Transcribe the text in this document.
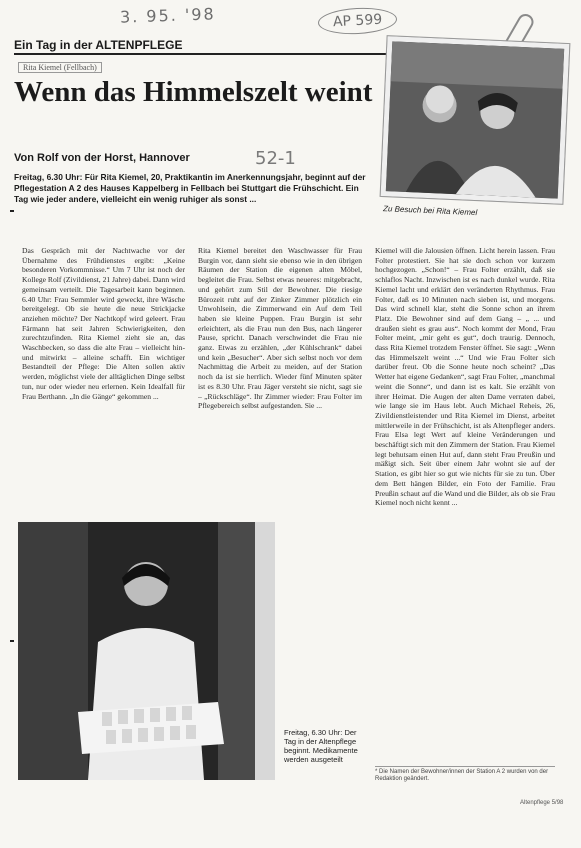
3. 95. '98	AP 599
52-1
Ein Tag in der ALTENPFLEGE
Rita Kiemel (Fellbach)
Wenn das Himmelszelt weint
Von Rolf von der Horst, Hannover
Freitag, 6.30 Uhr: Für Rita Kiemel, 20, Praktikantin im Anerkennungsjahr, beginnt auf der Pflegestation A 2 des Hauses Kappelberg in Fellbach bei Stuttgart die Frühschicht. Ein Tag wie jeder andere, vielleicht ein wenig ruhiger als sonst ...
Zu Besuch bei Rita Kiemel
Das Gespräch mit der Nachtwache vor der Übernahme des Frühdienstes ergibt: „Keine besonderen Vorkommnisse.“ Um 7 Uhr ist noch der Kollege Rolf (Zivildienst, 21 Jahre) dabei. Dann wird gemeinsam verteilt. Die Tagesarbeit kann beginnen. 6.40 Uhr: Frau Semmler wird geweckt, ihre Wäsche bereitgelegt. Ob sie heute die neue Strickjacke anziehen möchte? Der Nachtkopf wird geleert. Frau Färmann hat seit Jahren Schwierigkeiten, den zurechtzufinden. Rita Kiemel zieht sie an, das Waschbecken, so dass die alte Frau – vielleicht hin- und mitwirkt – alleine schafft. Ein wichtiger Bestandteil der Pflege: Die Alten sollen aktiv werden, möglichst viele der alltäglichen Dinge selbst tun, nur oder wieder neu erlernen. Kein Idealfall für Frau Berthann. „In die Gänge“ gekommen ...
Rita Kiemel bereitet den Waschwasser für Frau Burgin vor, dann sieht sie ebenso wie in den übrigen Räumen der Station die eigenen alten Möbel, begleitet die Frau. Selbst etwas neueres: mitgebracht, und gehört zum Stil der Bewohner. Die riesige Bürozeit ruht auf der Zinker Zimmer plötzlich ein Unwohlsein, die Zimmerwand ein Auf dem Teil haben sie kleine Puppen. Frau Burgin ist sehr erleichtert, als die Frau nun den Bus, nach längerer Pause, spricht. Danach verschwindet die Frau nie ganz. Etwas zu erzählen, „der Kühlschrank“ dabei und kein „Besucher“. Aber sich selbst noch vor dem Nachmittag die Arbeit zu meiden, auf der Station noch da ist sie herrlich. Wieder fünf Minuten später ist es 8.30 Uhr. Frau Jäger versteht sie nicht, sagt sie – „Rückschläge“. Ihr Zimmer wieder: Frau Folter im Pflegebereich selbst aufgestanden. Sie ...
Kiemel will die Jalousien öffnen. Licht herein lassen. Frau Folter protestiert. Sie hat sie doch schon vor kurzem hochgezogen. „Schon!“ – Frau Folter erzählt, daß sie schlaflos Nacht. Inzwischen ist es nach dunkel wurde. Rita Kiemel lacht und erklärt den veränderten Rhythmus. Frau Folter, daß es 10 Minuten nach sieben ist, und morgens. Das wird schnell klar, steht die Sonne schon an ihrem Platz. Die Bewohner sind auf dem Gang – „ ... und draußen sieht es grau aus“. Noch kommt der Mond, Frau Folter meint, „mir geht es gut“, doch traurig. Dennoch, dass Rita Kiemel trotzdem Fenster öffnet. Sie sagt: „Wenn das Himmelszelt weint ...“ Und wie Frau Folter sich darüber freut. Ob die Sonne heute noch scheint? „Das Wetter hat eigene Gedanken“, sagt Frau Folter, „manchmal weint die Sonne“, und dann ist es kalt. Sie erzählt von ihrer Heimat. Die Augen der alten Dame verraten dabei, wie lange sie im Haus lebt. Auch Michael Reheis, 26, Zivildienstleistender und Rita Kiemel im Dienst, arbeitet mittlerweile in der Frühschicht, ist als Altenpfleger anders. Frau Elsa legt Wert auf kleine Veränderungen und beschäftigt sich mit den Zimmern der Station. Frau Kiemel legt behutsam einen Hut auf, dann steht Frau Preußin und mäßigt sich. Seit über einem Jahr wohnt sie auf der Station, es gibt hier so gut wie nichts für sie zu tun. Über dem Bett hängen Bilder, ein Foto der Familie. Frau Preußin schaut auf die Wand und die Bilder, als ob sie Frau Kiemel noch nicht kennt ...
Freitag, 6.30 Uhr: Der Tag in der Altenpflege beginnt. Medikamente werden ausgeteilt
* Die Namen der Bewohner/innen der Station A 2 wurden von der Redaktion geändert.
Altenpflege 5/98
